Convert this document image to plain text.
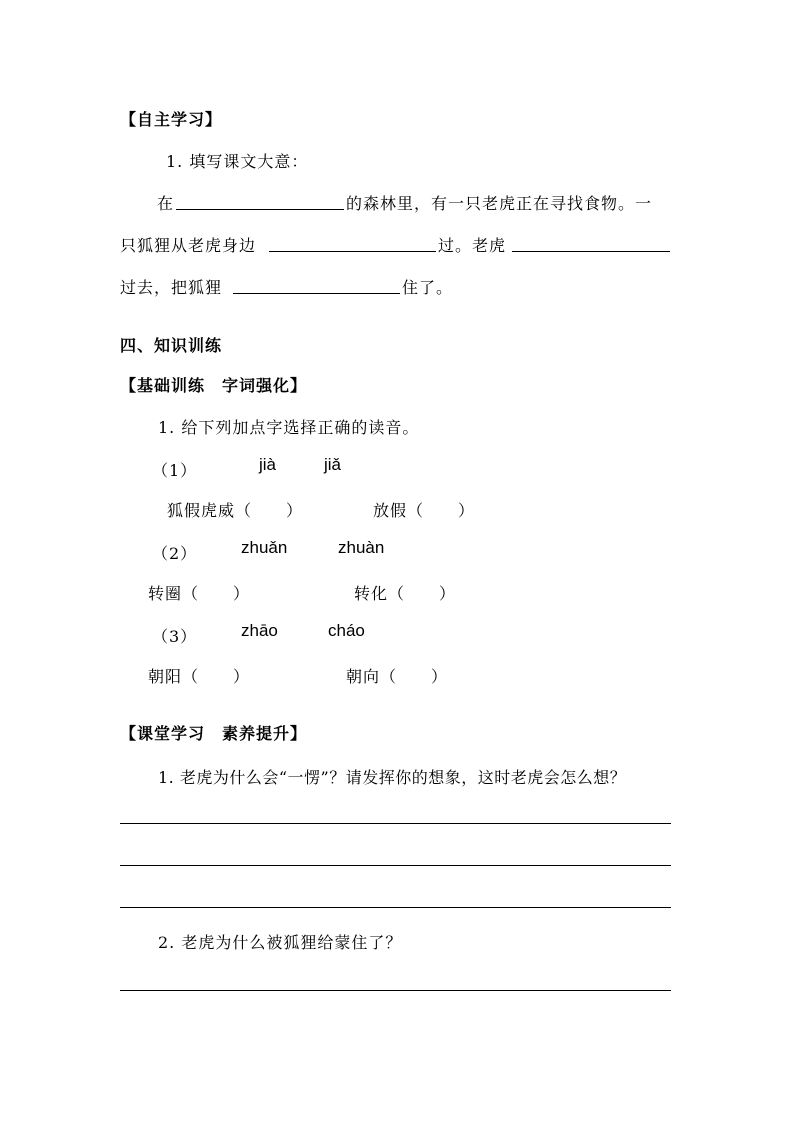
【自主学习】
1. 填写课文大意：
在	的森林里，有一只老虎正在寻找食物。一
只狐狸从老虎身边	过。老虎
过去，把狐狸	住了。
四、知识训练
【基础训练　字词强化】
1. 给下列加点字选择正确的读音。
（1）	jià	jiǎ
狐假虎威（　　）	放假（　　）
（2）	zhuǎn	zhuàn
转圈（　　）	转化（　　）
（3）	zhāo	cháo
朝阳（　　）	朝向（　　）
【课堂学习　素养提升】
1. 老虎为什么会“一愣”？请发挥你的想象，这时老虎会怎么想？
2. 老虎为什么被狐狸给蒙住了？
